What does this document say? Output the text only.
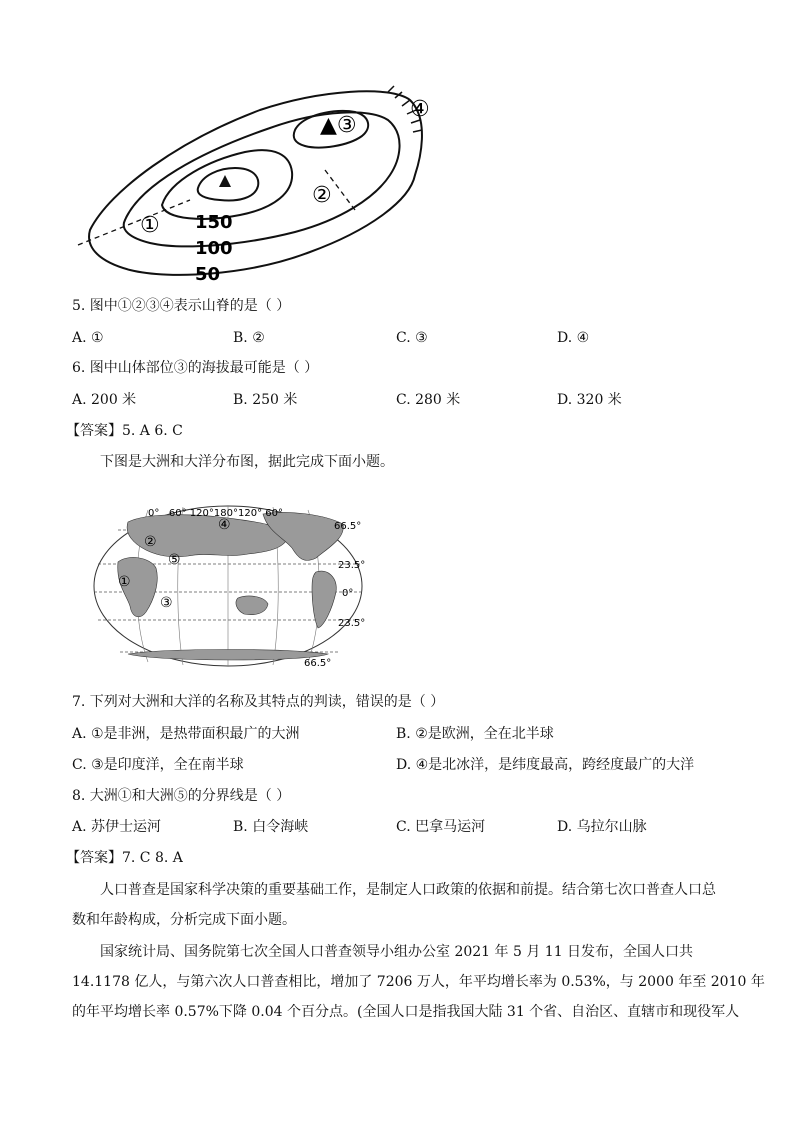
①
②
▲③
④
150
100
50
5. 图中①②③④表示山脊的是（ ）
A. ①	B. ②	C. ③	D. ④
6. 图中山体部位③的海拔最可能是（ ）
A. 200 米	B. 250 米	C. 280 米	D. 320 米
【答案】5. A 6. C
下图是大洲和大洋分布图，据此完成下面小题。
0°   60° 120°180°120° 60°
66.5°
23.5°
0°
23.5°
66.5°
①
②
③
④
⑤
7. 下列对大洲和大洋的名称及其特点的判读，错误的是（ ）
A. ①是非洲，是热带面积最广的大洲	B. ②是欧洲，全在北半球
C. ③是印度洋，全在南半球	D. ④是北冰洋，是纬度最高，跨经度最广的大洋
8. 大洲①和大洲⑤的分界线是（ ）
A. 苏伊士运河	B. 白令海峡	C. 巴拿马运河	D. 乌拉尔山脉
【答案】7. C 8. A
人口普查是国家科学决策的重要基础工作，是制定人口政策的依据和前提。结合第七次口普查人口总
数和年龄构成，分析完成下面小题。
国家统计局、国务院第七次全国人口普查领导小组办公室 2021 年 5 月 11 日发布，全国人口共
14.1178 亿人，与第六次人口普查相比，增加了 7206 万人，年平均增长率为 0.53%，与 2000 年至 2010 年
的年平均增长率 0.57%下降 0.04 个百分点。(全国人口是指我国大陆 31 个省、自治区、直辖市和现役军人
